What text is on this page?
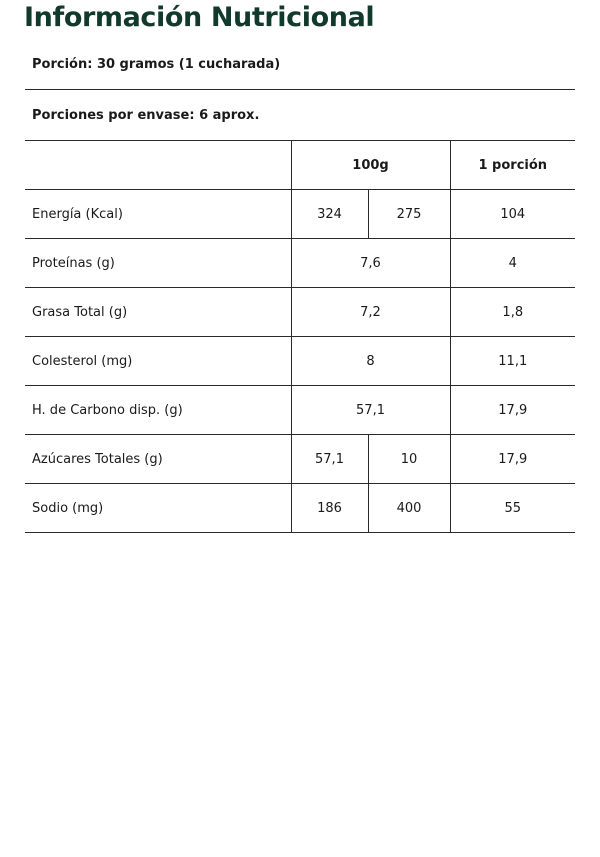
Información Nutricional
Porción: 30 gramos (1 cucharada)
Porciones por envase: 6 aprox.
	100g		1 porción
Energía (Kcal)	324	275	104
Proteínas (g)	7,6		4
Grasa Total (g)	7,2		1,8
Colesterol (mg)	8		11,1
H. de Carbono disp. (g)	57,1		17,9
Azúcares Totales (g)	57,1	10	17,9
Sodio (mg)	186	400	55
